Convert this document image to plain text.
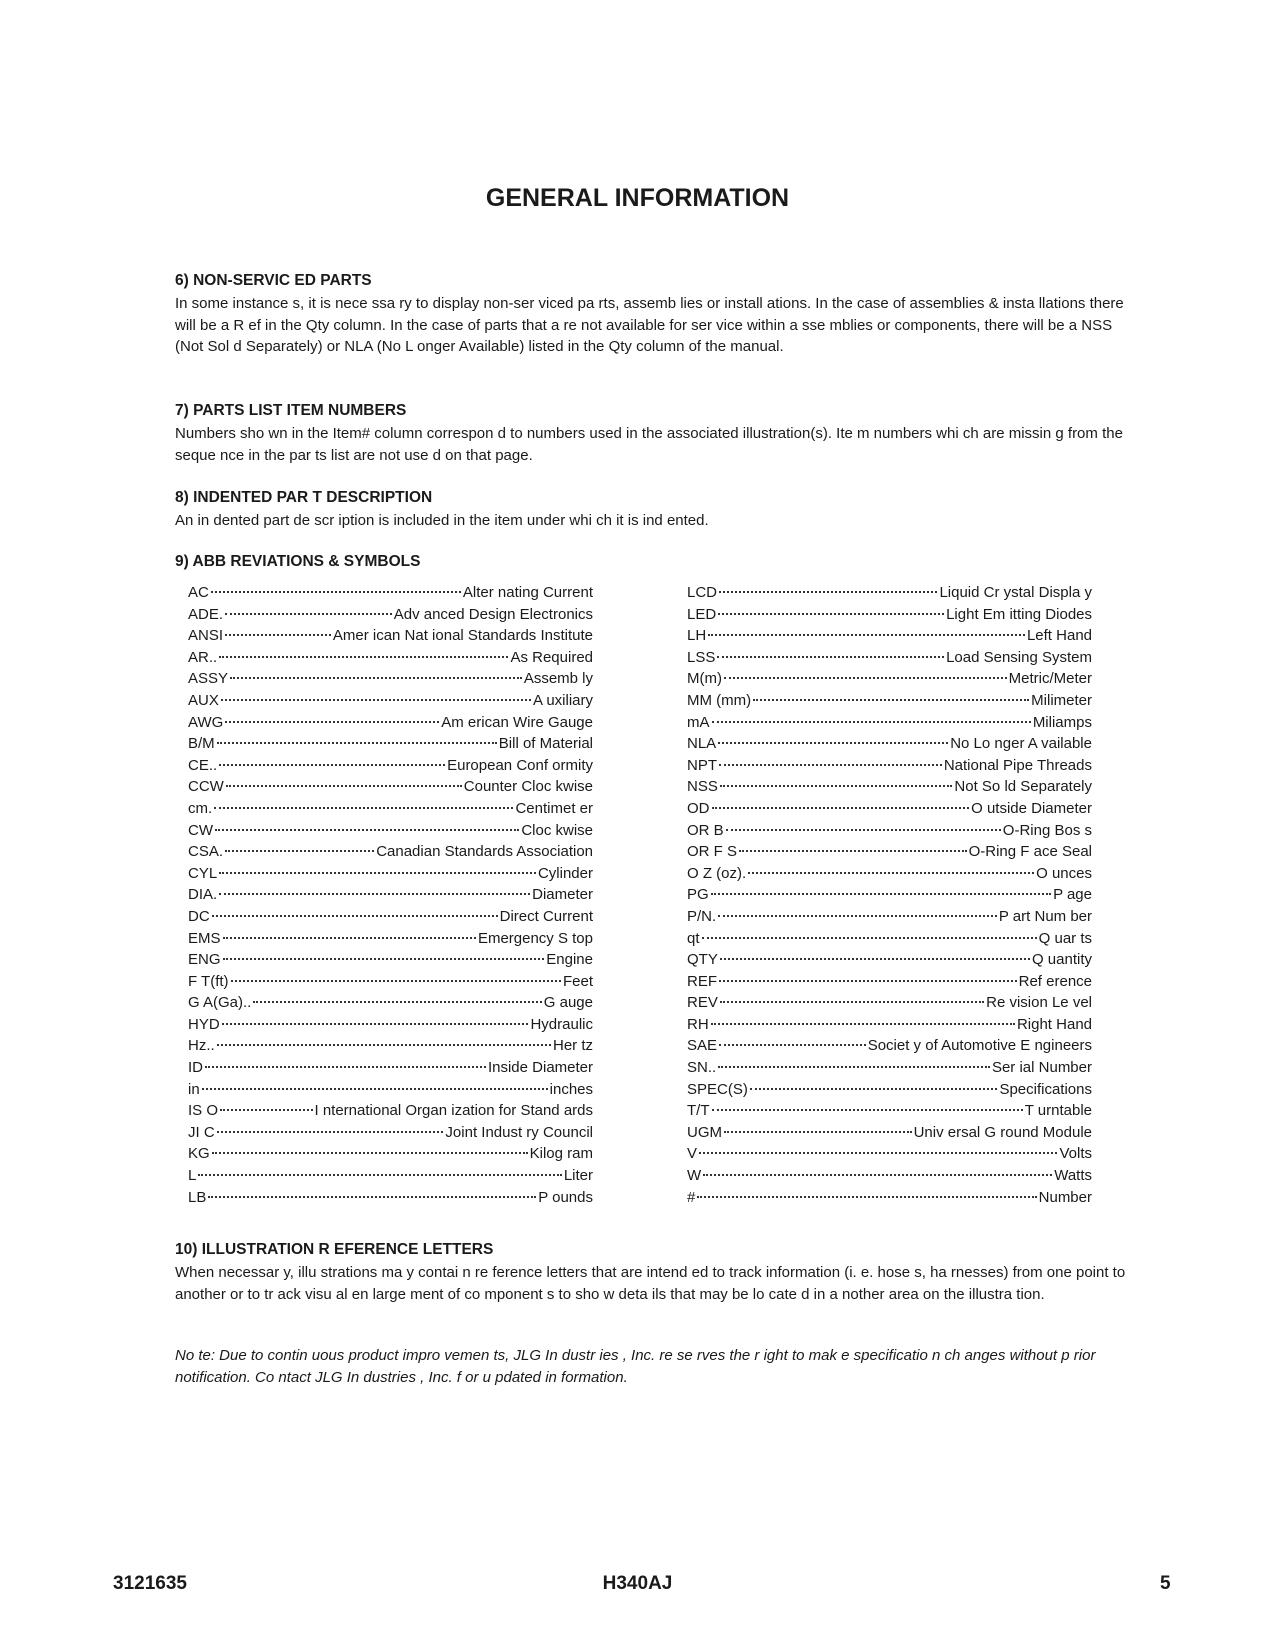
GENERAL INFORMATION
6) NON-SERVIC ED PARTS

In some instance s, it is nece ssa ry to display non-ser viced pa rts, assemb lies or install ations. In the case of assemblies & insta llations there will be a R ef in the Qty column. In the case of parts that a re not available for ser vice within a sse mblies or components, there will be a NSS (Not Sol d Separately) or NLA (No L onger Available) listed in the Qty column of the manual.

7) PARTS LIST ITEM NUMBERS

Numbers sho wn in the Item# column correspon d to numbers used in the associated illustration(s). Ite m numbers whi ch are missin g from the seque nce in the par ts list are not use d on that page.

8) INDENTED PAR T DESCRIPTION

An in dented part de scr iption is included in the item under whi ch it is ind ented.

9) ABB REVIATIONS & SYMBOLS
AC	Alter nating Current
ADE.	Adv anced Design Electronics
ANSI	Amer ican Nat ional Standards Institute
AR..	As Required
ASSY	Assemb ly
AUX	A uxiliary
AWG	Am erican Wire Gauge
B/M	Bill of Material
CE..	European Conf ormity
CCW	Counter Cloc kwise
cm.	Centimet er
CW	Cloc kwise
CSA.	Canadian Standards Association
CYL	Cylinder
DIA.	Diameter
DC	Direct Current
EMS	Emergency S top
ENG	Engine
F T(ft)	Feet
G A(Ga)..	G auge
HYD	Hydraulic
Hz..	Her tz
ID	Inside Diameter
in	inches
IS O	I nternational Organ ization for Stand ards
JI C	Joint Indust ry Council
KG	Kilog ram
L	Liter
LB	P ounds
LCD	Liquid Cr ystal Displa y
LED	Light Em itting Diodes
LH	Left Hand
LSS	Load Sensing System
M(m)	Metric/Meter
MM (mm)	Milimeter
mA	Miliamps
NLA	No Lo nger A vailable
NPT	National Pipe Threads
NSS	Not So ld Separately
OD	O utside Diameter
OR B	O-Ring Bos s
OR F S	O-Ring F ace Seal
O Z (oz).	O unces
PG	P age
P/N.	P art Num ber
qt	Q uar ts
QTY	Q uantity
REF	Ref erence
REV	Re vision Le vel
RH	Right Hand
SAE	Societ y of Automotive E ngineers
SN..	Ser ial Number
SPEC(S)	Specifications
T/T	T urntable
UGM	Univ ersal G round Module
V	Volts
W	Watts
#	Number
10) ILLUSTRATION R EFERENCE LETTERS

When necessar y, illu strations ma y contai n re ference letters that are intend ed to track information (i. e. hose s, ha rnesses) from one point to another or to tr ack visu al en large ment of co mponent s to sho w deta ils that may be lo cate d in a nother area on the illustra tion.

No te: Due to contin uous product impro vemen ts, JLG In dustr ies , Inc. re se rves the r ight to mak e specificatio n ch anges without p rior notification. Co ntact JLG In dustries , Inc. f or u pdated in formation.

3121635	H340AJ	5
